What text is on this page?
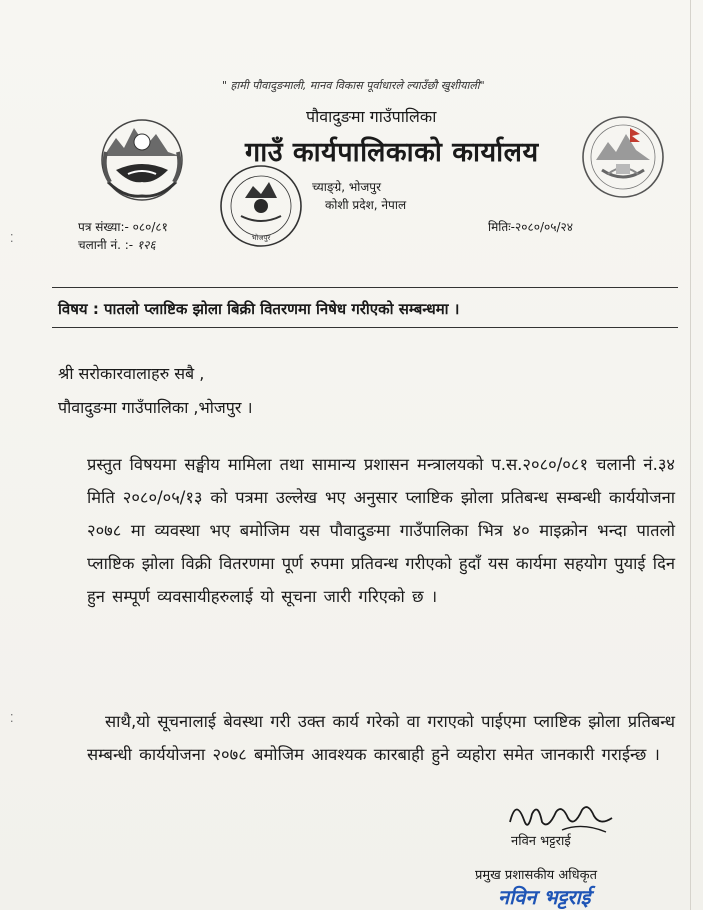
" हामी पौवादुङमाली, मानव विकास पूर्वाधारले ल्याउँछौ खुशीयाली"
पौवादुङमा गाउँपालिका
गाउँ कार्यपालिकाको कार्यालय
भोजपुर
च्याङ्ग्रे, भोजपुर
कोशी प्रदेश, नेपाल
पत्र संख्या:- ०८०/८१
चलानी नं. :- १२६
मितिः-२०८०/०५/२४
विषय : पातलो प्लाष्टिक झोला बिक्री वितरणमा निषेध गरीएको सम्बन्धमा ।
श्री सरोकारवालाहरु सबै ,
पौवादुङमा गाउँपालिका ,भोजपुर ।
प्रस्तुत विषयमा सङ्घीय मामिला तथा सामान्य प्रशासन मन्त्रालयको प.स.२०८०/०८१ चलानी नं.३४ मिति २०८०/०५/१३ को पत्रमा उल्लेख भए अनुसार प्लाष्टिक झोला प्रतिबन्ध सम्बन्धी कार्ययोजना २०७८ मा व्यवस्था भए बमोजिम यस पौवादुङमा गाउँपालिका भित्र ४० माइक्रोन भन्दा पातलो प्लाष्टिक झोला विक्री वितरणमा पूर्ण रुपमा प्रतिवन्ध गरीएको हुदाँ यस कार्यमा सहयोग पुयाई दिन हुन सम्पूर्ण व्यवसायीहरुलाई यो सूचना जारी गरिएको छ ।
साथै,यो सूचनालाई बेवस्था गरी उक्त कार्य गरेको वा गराएको पाईएमा प्लाष्टिक झोला प्रतिबन्ध सम्बन्धी कार्ययोजना २०७८ बमोजिम आवश्यक कारबाही हुने व्यहोरा समेत जानकारी गराईन्छ ।
नविन भट्टराई
प्रमुख प्रशासकीय अधिकृत
नविन भट्टराई
⁚
⁚
